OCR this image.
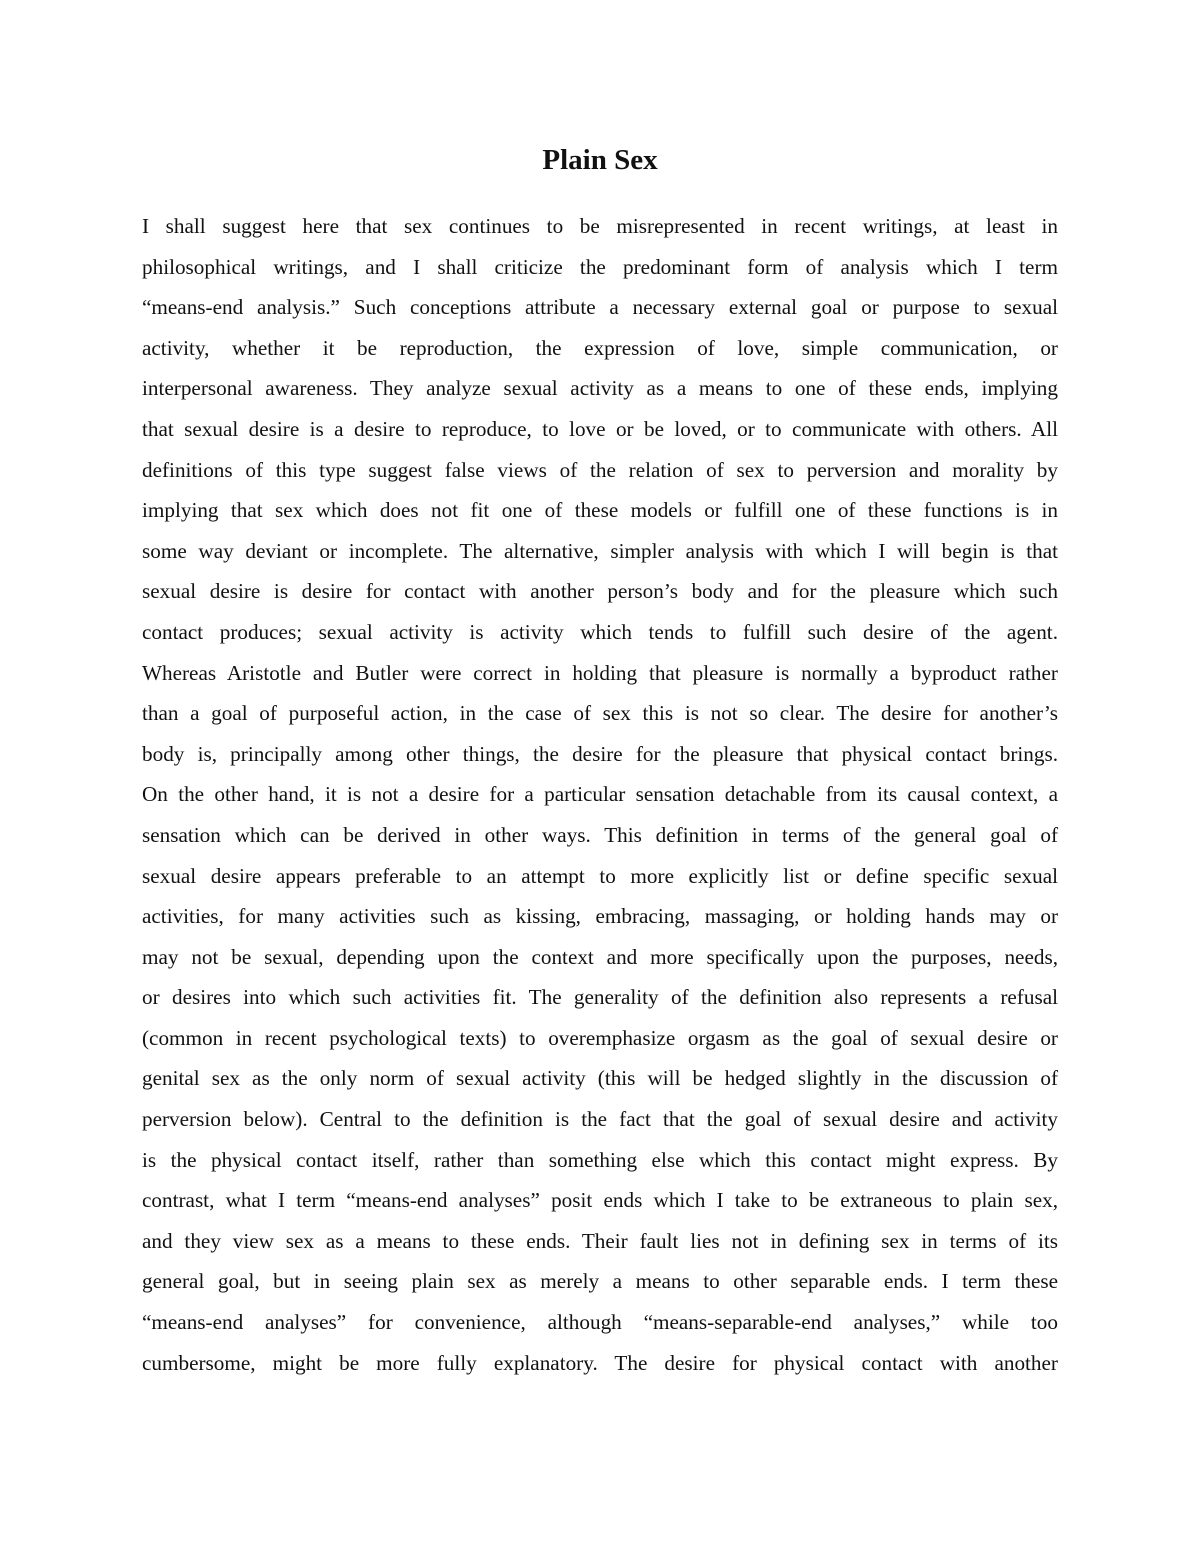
Plain Sex
I shall suggest here that sex continues to be misrepresented in recent writings, at least in
philosophical writings, and I shall criticize the predominant form of analysis which I term
“means-end analysis.” Such conceptions attribute a necessary external goal or purpose to sexual
activity, whether it be reproduction, the expression of love, simple communication, or
interpersonal awareness. They analyze sexual activity as a means to one of these ends, implying
that sexual desire is a desire to reproduce, to love or be loved, or to communicate with others. All
definitions of this type suggest false views of the relation of sex to perversion and morality by
implying that sex which does not fit one of these models or fulfill one of these functions is in
some way deviant or incomplete. The alternative, simpler analysis with which I will begin is that
sexual desire is desire for contact with another person’s body and for the pleasure which such
contact produces; sexual activity is activity which tends to fulfill such desire of the agent.
Whereas Aristotle and Butler were correct in holding that pleasure is normally a byproduct rather
than a goal of purposeful action, in the case of sex this is not so clear. The desire for another’s
body is, principally among other things, the desire for the pleasure that physical contact brings.
On the other hand, it is not a desire for a particular sensation detachable from its causal context, a
sensation which can be derived in other ways. This definition in terms of the general goal of
sexual desire appears preferable to an attempt to more explicitly list or define specific sexual
activities, for many activities such as kissing, embracing, massaging, or holding hands may or
may not be sexual, depending upon the context and more specifically upon the purposes, needs,
or desires into which such activities fit. The generality of the definition also represents a refusal
(common in recent psychological texts) to overemphasize orgasm as the goal of sexual desire or
genital sex as the only norm of sexual activity (this will be hedged slightly in the discussion of
perversion below). Central to the definition is the fact that the goal of sexual desire and activity
is the physical contact itself, rather than something else which this contact might express. By
contrast, what I term “means-end analyses” posit ends which I take to be extraneous to plain sex,
and they view sex as a means to these ends. Their fault lies not in defining sex in terms of its
general goal, but in seeing plain sex as merely a means to other separable ends. I term these
“means-end analyses” for convenience, although “means-separable-end analyses,” while too
cumbersome, might be more fully explanatory. The desire for physical contact with another
